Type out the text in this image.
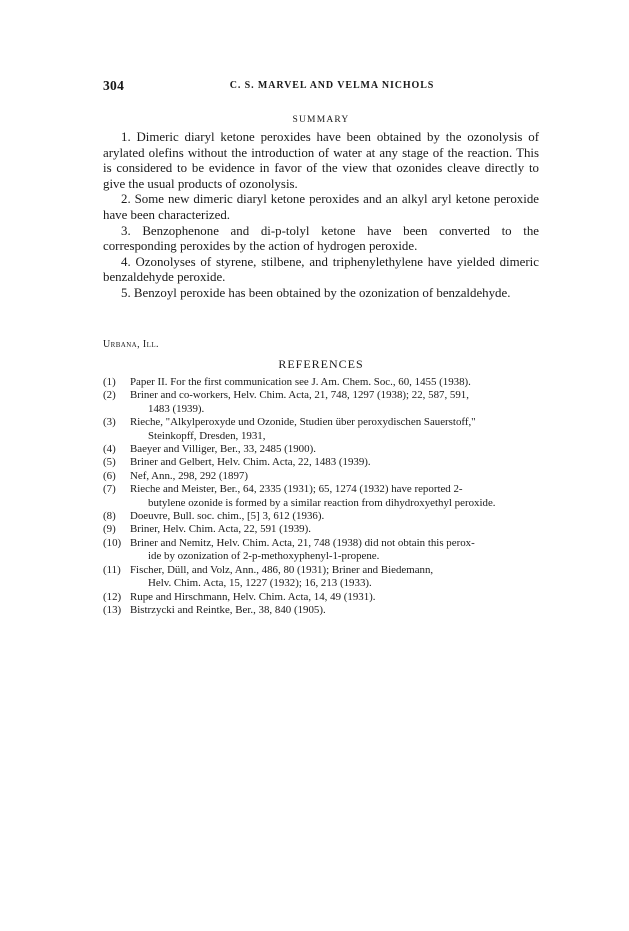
304	C. S. MARVEL AND VELMA NICHOLS
SUMMARY

1. Dimeric diaryl ketone peroxides have been obtained by the ozonolysis of arylated olefins without the introduction of water at any stage of the reaction. This is considered to be evidence in favor of the view that ozonides cleave directly to give the usual products of ozonolysis.

2. Some new dimeric diaryl ketone peroxides and an alkyl aryl ketone peroxide have been characterized.

3. Benzophenone and di-p-tolyl ketone have been converted to the corresponding peroxides by the action of hydrogen peroxide.

4. Ozonolyses of styrene, stilbene, and triphenylethylene have yielded dimeric benzaldehyde peroxide.

5. Benzoyl peroxide has been obtained by the ozonization of benzaldehyde.

Urbana, Ill.
REFERENCES
(1) Paper II. For the first communication see J. Am. Chem. Soc., 60, 1455 (1938).
(2) Briner and co-workers, Helv. Chim. Acta, 21, 748, 1297 (1938); 22, 587, 591,
1483 (1939).
(3) Rieche, "Alkylperoxyde und Ozonide, Studien über peroxydischen Sauerstoff,"
Steinkopff, Dresden, 1931,
(4) Baeyer and Villiger, Ber., 33, 2485 (1900).
(5) Briner and Gelbert, Helv. Chim. Acta, 22, 1483 (1939).
(6) Nef, Ann., 298, 292 (1897)
(7) Rieche and Meister, Ber., 64, 2335 (1931); 65, 1274 (1932) have reported 2-
butylene ozonide is formed by a similar reaction from dihydroxyethyl peroxide.
(8) Doeuvre, Bull. soc. chim., [5] 3, 612 (1936).
(9) Briner, Helv. Chim. Acta, 22, 591 (1939).
(10) Briner and Nemitz, Helv. Chim. Acta, 21, 748 (1938) did not obtain this perox-
ide by ozonization of 2-p-methoxyphenyl-1-propene.
(11) Fischer, Düll, and Volz, Ann., 486, 80 (1931); Briner and Biedemann,
Helv. Chim. Acta, 15, 1227 (1932); 16, 213 (1933).
(12) Rupe and Hirschmann, Helv. Chim. Acta, 14, 49 (1931).
(13) Bistrzycki and Reintke, Ber., 38, 840 (1905).
